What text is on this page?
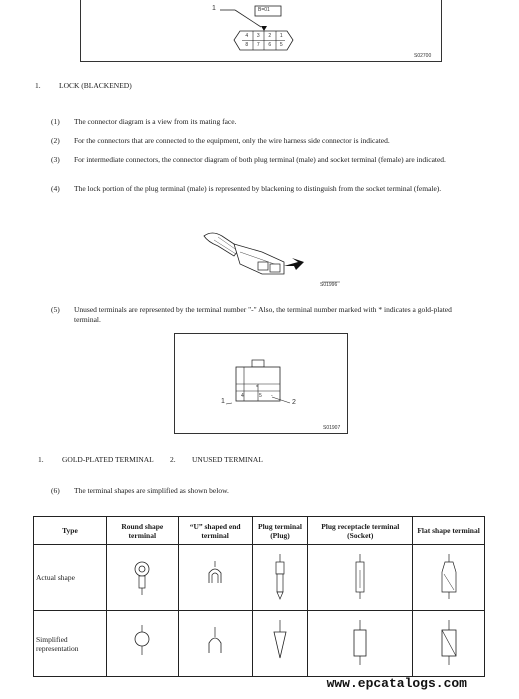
1	B=01
4 3 2 1
8 7 6 5
S02700
1. LOCK (BLACKENED)
(1) The connector diagram is a view from its mating face.
(2) For the connectors that are connected to the equipment, only the wire harness side connector is indicated.
(3) For intermediate connectors, the connector diagram of both plug terminal (male) and socket terminal (female) are indicated.
(4) The lock portion of the plug terminal (male) is represented by blackening to distinguish from the socket terminal (female).
S01996
(5) Unused terminals are represented by the terminal number "-" Also, the terminal number marked with * indicates a gold-plated terminal.
1	2
*
4	5 -
S01907
1. GOLD-PLATED TERMINAL 2. UNUSED TERMINAL
(6) The terminal shapes are simplified as shown below.
Type	Round shape terminal	“U” shaped end terminal	Plug terminal (Plug)	Plug receptacle terminal (Socket)	Flat shape terminal
Actual shape					
Simplified representation					
www.epcatalogs.com
